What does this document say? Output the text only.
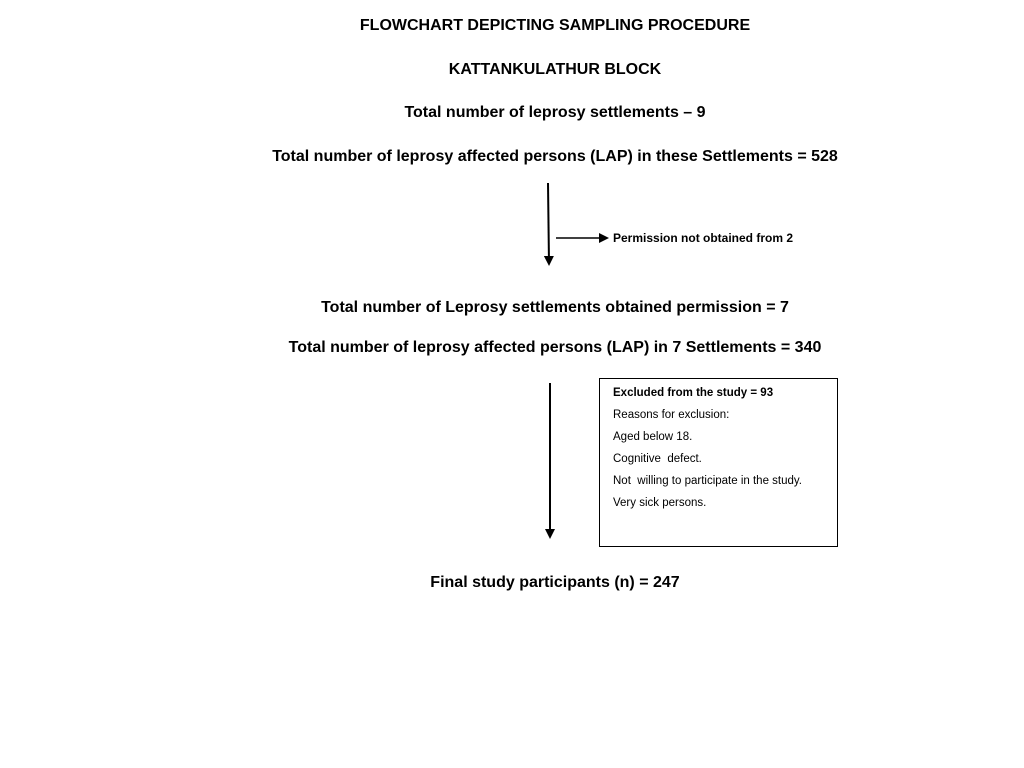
FLOWCHART DEPICTING SAMPLING PROCEDURE
KATTANKULATHUR BLOCK
Total number of leprosy settlements – 9
Total number of leprosy affected persons (LAP) in these Settlements = 528
Permission not obtained from 2
Total number of Leprosy settlements obtained permission = 7
Total number of leprosy affected persons (LAP) in 7 Settlements = 340
Excluded from the study = 93
Reasons for exclusion:
Aged below 18.
Cognitive  defect.
Not  willing to participate in the study.
Very sick persons.
Final study participants (n) = 247
